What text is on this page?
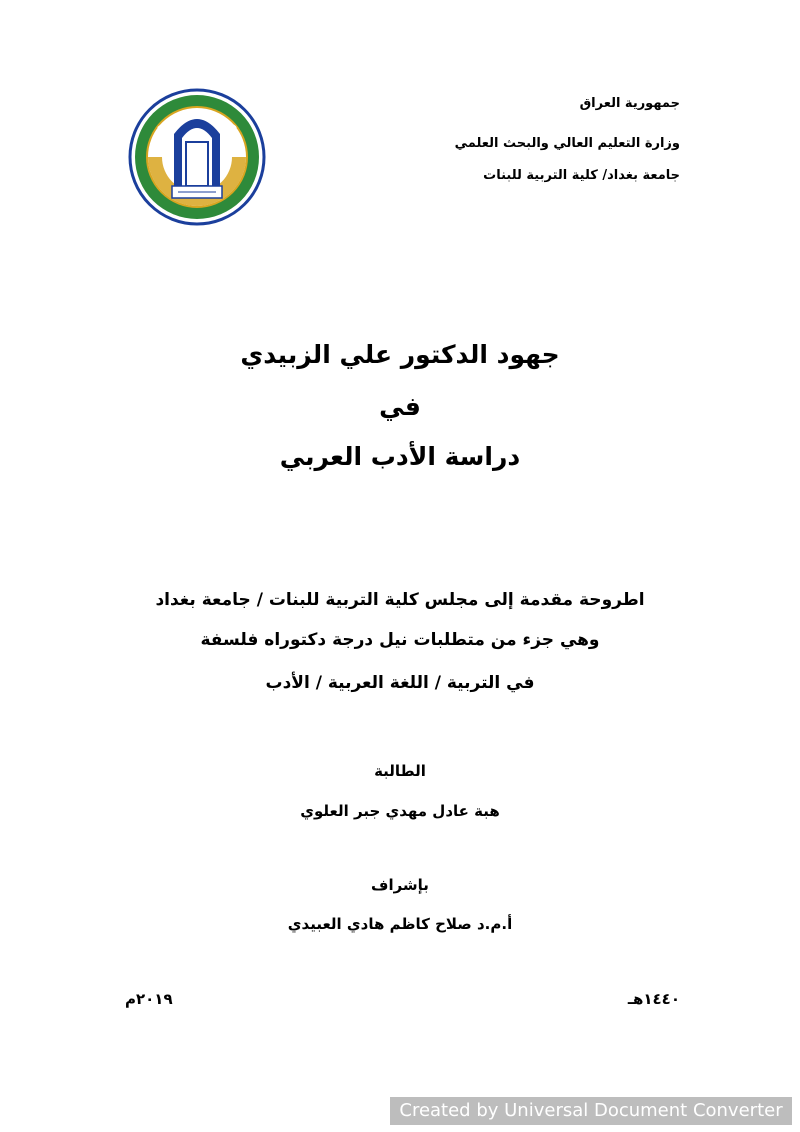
جمهورية العراق
وزارة التعليم العالي والبحث العلمي
جامعة بغداد/ كلية التربية للبنات
جهود الدكتور علي الزبيدي
في
دراسة الأدب العربي
اطروحة مقدمة إلى مجلس كلية التربية للبنات / جامعة بغداد
وهي جزء من متطلبات نيل درجة دكتوراه فلسفة
في التربية / اللغة العربية / الأدب
الطالبة
هبة عادل مهدي جبر العلوي
بإشراف
أ.م.د صلاح كاظم هادي العبيدي
١٤٤٠هـ
٢٠١٩م
Created by Universal Document Converter
